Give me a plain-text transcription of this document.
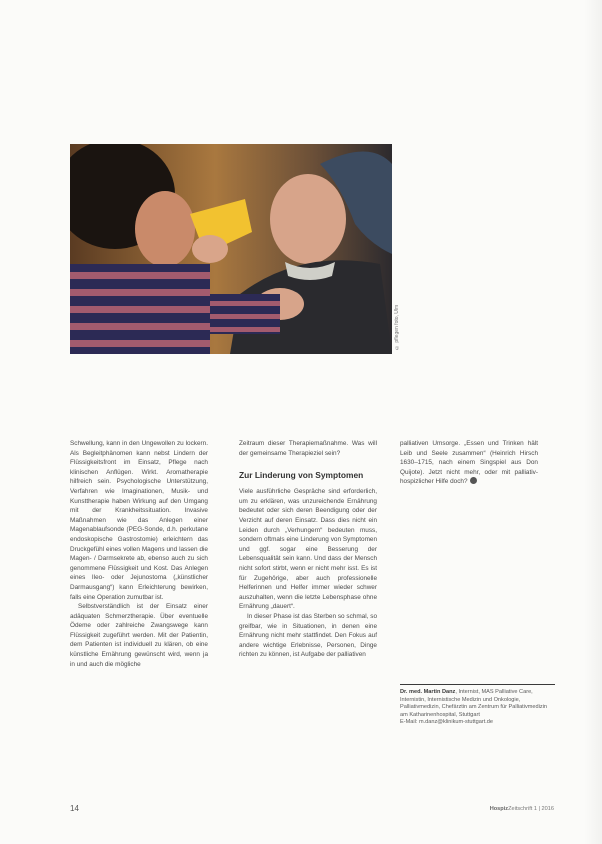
© pflegen foto, Ulm

Schwellung, kann in den Ungewollen zu lockern. Als Begleitphänomen kann nebst Lindern der Flüssigkeitsfront im Einsatz, Pflege nach klinischen Anflügen. Wirkt. Aromatherapie hilfreich sein. Psychologische Unterstützung, Verfahren wie Imaginationen, Musik- und Kunsttherapie haben Wirkung auf den Umgang mit der Krankheitssituation. Invasive Maßnahmen wie das Anlegen einer Magenablaufsonde (PEG-Sonde, d.h. perkutane endoskopische Gastrostomie) erleichtern das Druckgefühl eines vollen Magens und lassen die Magen- / Darmsekrete ab, ebenso auch zu sich genommene Flüssigkeit und Kost. Das Anlegen eines Ileo- oder Jejunostoma („künstlicher Darmausgang“) kann Erleichterung bewirken, falls eine Operation zumutbar ist.

Selbstverständlich ist der Einsatz einer adäquaten Schmerztherapie. Über eventuelle Ödeme oder zahlreiche Zwangswege kann Flüssigkeit zugeführt werden. Mit der Patientin, dem Patienten ist individuell zu klären, ob eine künstliche Ernährung gewünscht wird, wenn ja in und auch die mögliche

Zeitraum dieser Therapiemaßnahme. Was will der gemeinsame Therapieziel sein?

Zur Linderung von Symptomen

Viele ausführliche Gespräche sind erforderlich, um zu erklären, was unzureichende Ernährung bedeutet oder sich deren Beendigung oder der Verzicht auf deren Einsatz. Dass dies nicht ein Leiden durch „Verhungern“ bedeuten muss, sondern oftmals eine Linderung von Symptomen und ggf. sogar eine Besserung der Lebensqualität sein kann. Und dass der Mensch nicht sofort stirbt, wenn er nicht mehr isst. Es ist für Zugehörige, aber auch professionelle Helferinnen und Helfer immer wieder schwer auszuhalten, wenn die letzte Lebensphase ohne Ernährung „dauert“.

In dieser Phase ist das Sterben so schmal, so greifbar, wie in Situationen, in denen eine Ernährung nicht mehr stattfindet. Den Fokus auf andere wichtige Erlebnisse, Personen, Dinge richten zu können, ist Aufgabe der palliativen

palliativen Umsorge. „Essen und Trinken hält Leib und Seele zusammen“ (Heinrich Hirsch 1630–1715, nach einem Singspiel aus Don Quijote). Jetzt nicht mehr, oder mit palliativ-hospizlicher Hilfe doch?

Dr. med. Martin Danz, Internist, MAS Palliative Care, Internistin, Internistische Medizin und Onkologie, Palliativmedizin, Chefärztin am Zentrum für Palliativmedizin am Katharinenhospital, Stuttgart
E-Mail: m.danz@klinikum-stuttgart.de
14	HospizZeitschrift 1 | 2016
